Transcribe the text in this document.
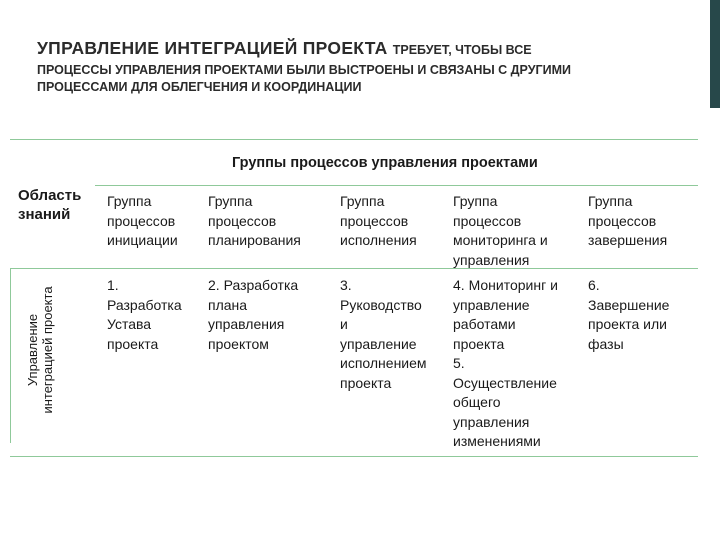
УПРАВЛЕНИЕ ИНТЕГРАЦИЕЙ ПРОЕКТА ТРЕБУЕТ, ЧТОБЫ ВСЕ
ПРОЦЕССЫ УПРАВЛЕНИЯ ПРОЕКТАМИ БЫЛИ ВЫСТРОЕНЫ И СВЯЗАНЫ С ДРУГИМИ
ПРОЦЕССАМИ ДЛЯ ОБЛЕГЧЕНИЯ И КООРДИНАЦИИ
Группы процессов управления проектами
Область
знаний
Управление интеграцией проекта
Группа
процессов
инициации
Группа
процессов
планирования
Группа
процессов
исполнения
Группа
процессов
мониторинга и
управления
Группа
процессов
завершения
1.
Разработка
Устава
проекта
2. Разработка
плана
управления
проектом
3.
Руководство
и
управление
исполнением
проекта
4. Мониторинг и
управление
работами
проекта
5.
Осуществление
общего
управления
изменениями
6.
Завершение
проекта или
фазы
